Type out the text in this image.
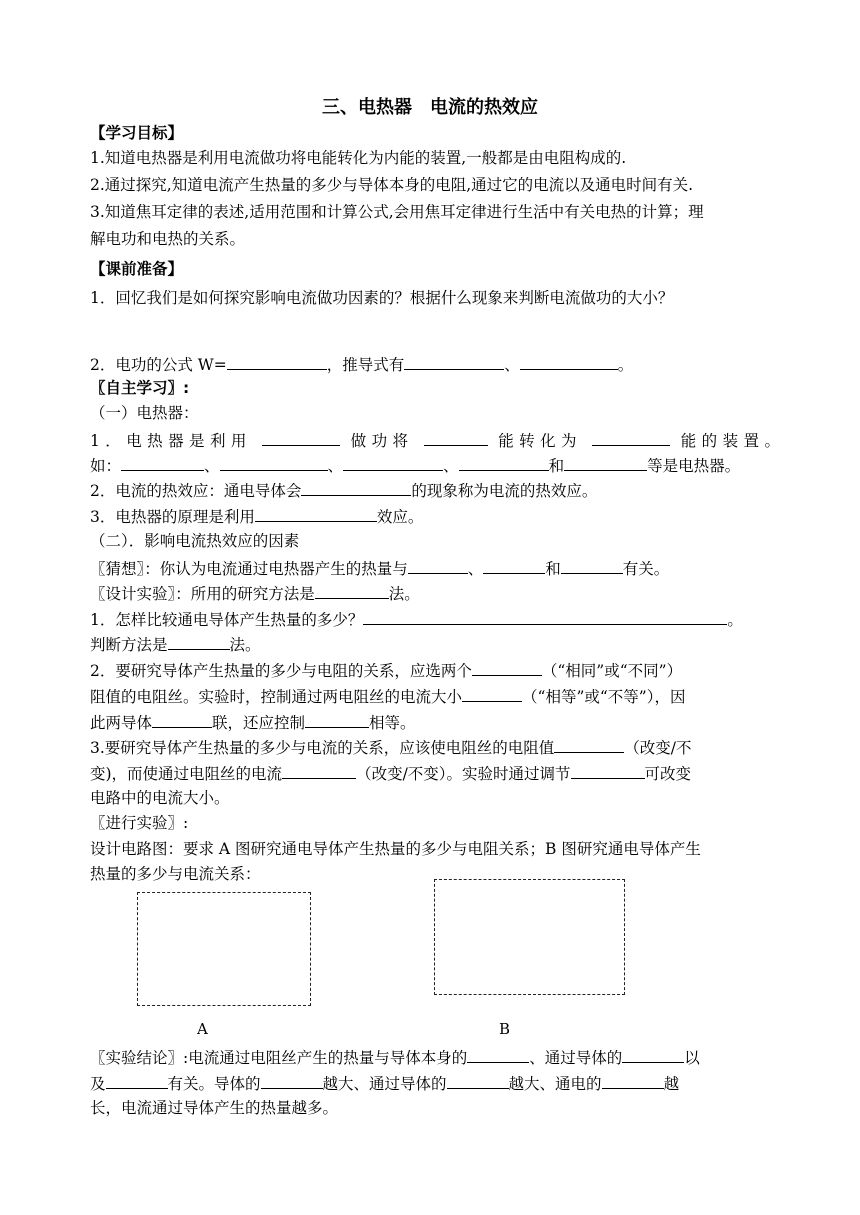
三、电热器　电流的热效应
【学习目标】
1.知道电热器是利用电流做功将电能转化为内能的装置,一般都是由电阻构成的.
2.通过探究,知道电流产生热量的多少与导体本身的电阻,通过它的电流以及通电时间有关.
3.知道焦耳定律的表述,适用范围和计算公式,会用焦耳定律进行生活中有关电热的计算；理
解电功和电热的关系。
【课前准备】
1．回忆我们是如何探究影响电流做功因素的？根据什么现象来判断电流做功的大小？
2．电功的公式 W=	，推导式有	、	。
〖自主学习〗:
（一）电热器：
1．电热器是利用	做功将	能转化为	能的装置。
如：	、	、	、	和	等是电热器。
2．电流的热效应：通电导体会	的现象称为电流的热效应。
3．电热器的原理是利用	效应。
（二）．影响电流热效应的因素
〖猜想〗：你认为电流通过电热器产生的热量与	、	和	有关。
〖设计实验〗：所用的研究方法是	法。
1．怎样比较通电导体产生热量的多少？	。
判断方法是	法。
2．要研究导体产生热量的多少与电阻的关系，应选两个	（“相同”或“不同”）
阻值的电阻丝。实验时，控制通过两电阻丝的电流大小	（“相等”或“不等”），因
此两导体	联，还应控制	相等。
3.要研究导体产生热量的多少与电流的关系，应该使电阻丝的电阻值	（改变/不
变)，而使通过电阻丝的电流	（改变/不变）。实验时通过调节	可改变
电路中的电流大小。
〖进行实验〗:
设计电路图：要求 A 图研究通电导体产生热量的多少与电阻关系；B 图研究通电导体产生
热量的多少与电流关系：
A	B
〖实验结论〗:电流通过电阻丝产生的热量与导体本身的	、通过导体的	以
及	有关。导体的	越大、通过导体的	越大、通电的	越
长，电流通过导体产生的热量越多。
